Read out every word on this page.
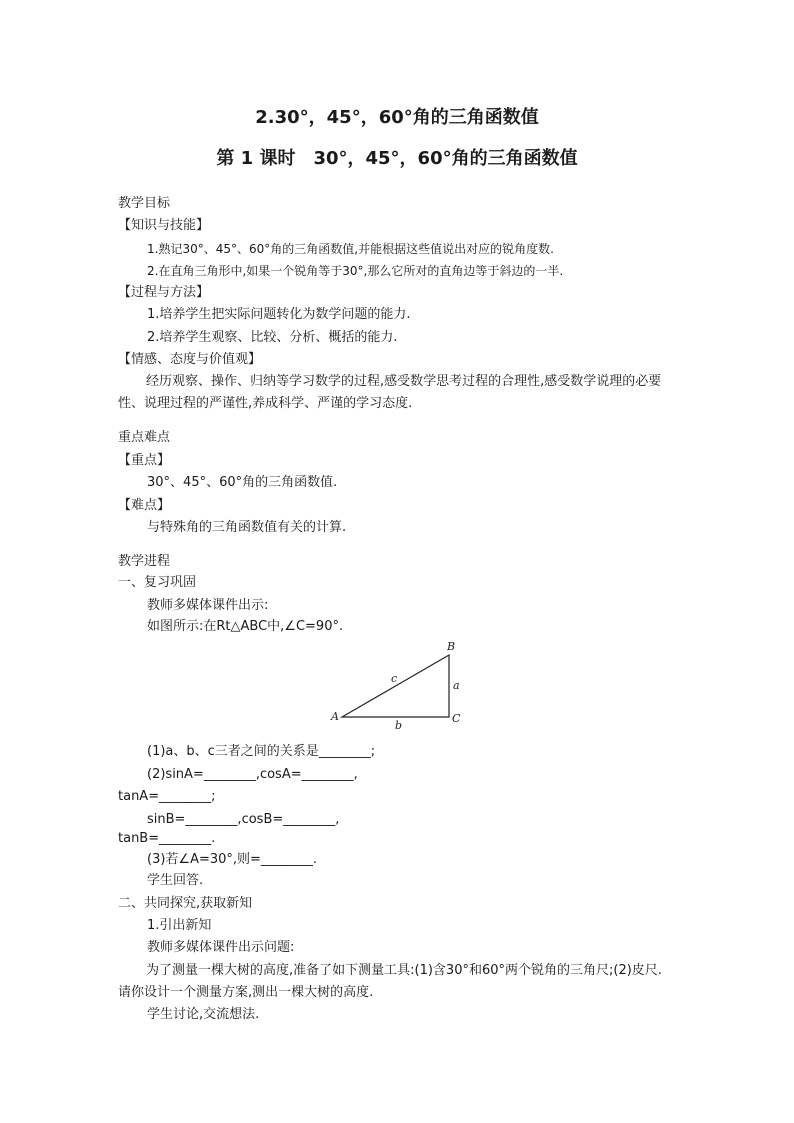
2.30°，45°，60°角的三角函数值
第 1 课时　30°，45°，60°角的三角函数值
教学目标
【知识与技能】
1.熟记30°、45°、60°角的三角函数值,并能根据这些值说出对应的锐角度数.
2.在直角三角形中,如果一个锐角等于30°,那么它所对的直角边等于斜边的一半.
【过程与方法】
1.培养学生把实际问题转化为数学问题的能力.
2.培养学生观察、比较、分析、概括的能力.
【情感、态度与价值观】
经历观察、操作、归纳等学习数学的过程,感受数学思考过程的合理性,感受数学说理的必要性、说理过程的严谨性,养成科学、严谨的学习态度.
重点难点
【重点】
30°、45°、60°角的三角函数值.
【难点】
与特殊角的三角函数值有关的计算.
教学进程
一、复习巩固
教师多媒体课件出示:
如图所示:在Rt△ABC中,∠C=90°.
A
B
C
a
b
c
(1)a、b、c三者之间的关系是________;
(2)sinA=________,cosA=________,
tanA=________;
sinB=________,cosB=________,
tanB=________.
(3)若∠A=30°,则=________.
学生回答.
二、共同探究,获取新知
1.引出新知
教师多媒体课件出示问题:
为了测量一棵大树的高度,准备了如下测量工具:(1)含30°和60°两个锐角的三角尺;(2)皮尺.请你设计一个测量方案,测出一棵大树的高度.
学生讨论,交流想法.
